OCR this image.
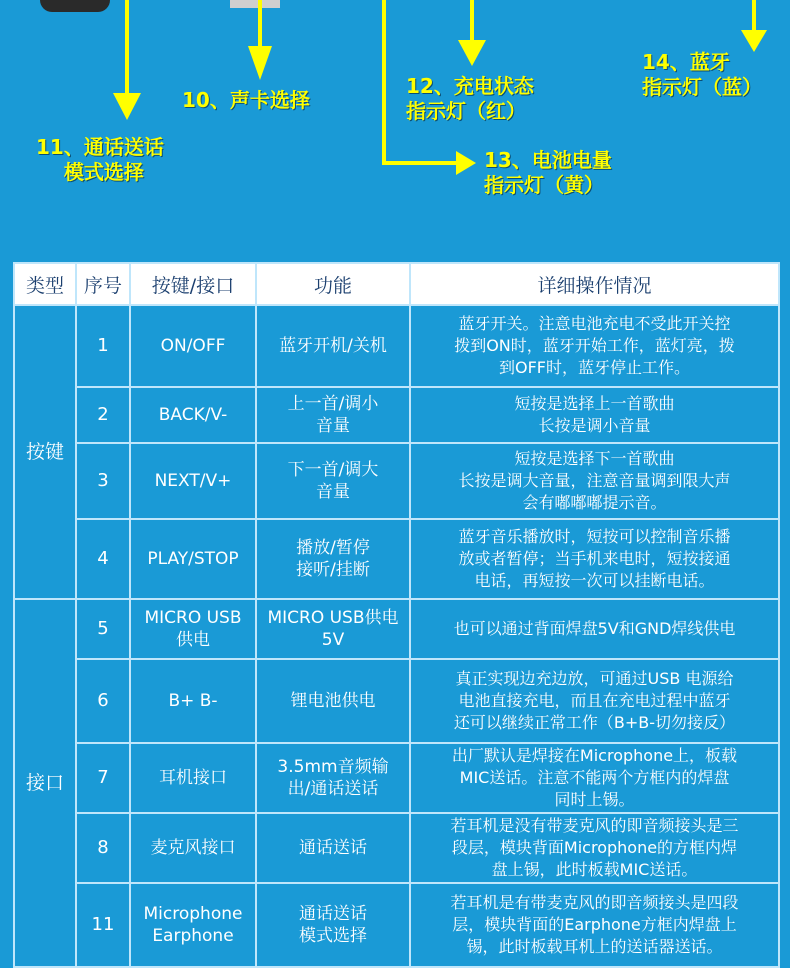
11、通话送话
模式选择
10、声卡选择
12、充电状态
指示灯（红）
13、电池电量
指示灯（黄）
14、蓝牙
指示灯（蓝）
类型	序号	按键/接口	功能	详细操作情况
按键	1	ON/OFF	蓝牙开机/关机	蓝牙开关。注意电池充电不受此开关控
拨到ON时，蓝牙开始工作，蓝灯亮，拨
到OFF时，蓝牙停止工作。
	2	BACK/V-	上一首/调小
音量	短按是选择上一首歌曲
长按是调小音量
	3	NEXT/V+	下一首/调大
音量	短按是选择下一首歌曲
长按是调大音量，注意音量调到限大声
会有嘟嘟嘟提示音。
	4	PLAY/STOP	播放/暂停
接听/挂断	蓝牙音乐播放时，短按可以控制音乐播
放或者暂停；当手机来电时，短按接通
电话，再短按一次可以挂断电话。
接口	5	MICRO USB
供电	MICRO USB供电
5V	也可以通过背面焊盘5V和GND焊线供电
	6	B+ B-	锂电池供电	真正实现边充边放，可通过USB 电源给
电池直接充电，而且在充电过程中蓝牙
还可以继续正常工作（B+B-切勿接反）
	7	耳机接口	3.5mm音频输
出/通话送话	出厂默认是焊接在Microphone上，板载
MIC送话。注意不能两个方框内的焊盘
同时上锡。
	8	麦克风接口	通话送话	若耳机是没有带麦克风的即音频接头是三
段层，模块背面Microphone的方框内焊
盘上锡，此时板载MIC送话。
	11	Microphone
Earphone	通话送话
模式选择	若耳机是有带麦克风的即音频接头是四段
层，模块背面的Earphone方框内焊盘上
锡，此时板载耳机上的送话器送话。
